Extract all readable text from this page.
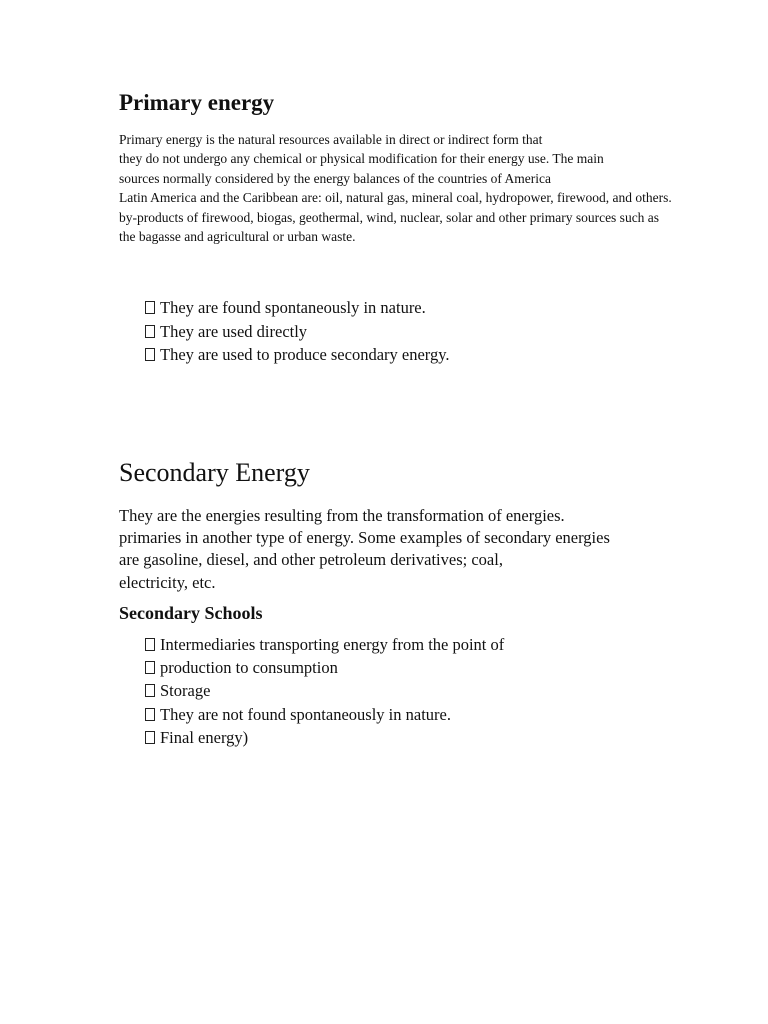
Primary energy

Primary energy is the natural resources available in direct or indirect form that
they do not undergo any chemical or physical modification for their energy use. The main
sources normally considered by the energy balances of the countries of America
Latin America and the Caribbean are: oil, natural gas, mineral coal, hydropower, firewood, and others.
by-products of firewood, biogas, geothermal, wind, nuclear, solar and other primary sources such as
the bagasse and agricultural or urban waste.

They are found spontaneously in nature.
They are used directly
They are used to produce secondary energy.
Secondary Energy

They are the energies resulting from the transformation of energies.
primaries in another type of energy. Some examples of secondary energies
are gasoline, diesel, and other petroleum derivatives; coal,
electricity, etc.

Secondary Schools
Intermediaries transporting energy from the point of
production to consumption
Storage
They are not found spontaneously in nature.
Final energy)
